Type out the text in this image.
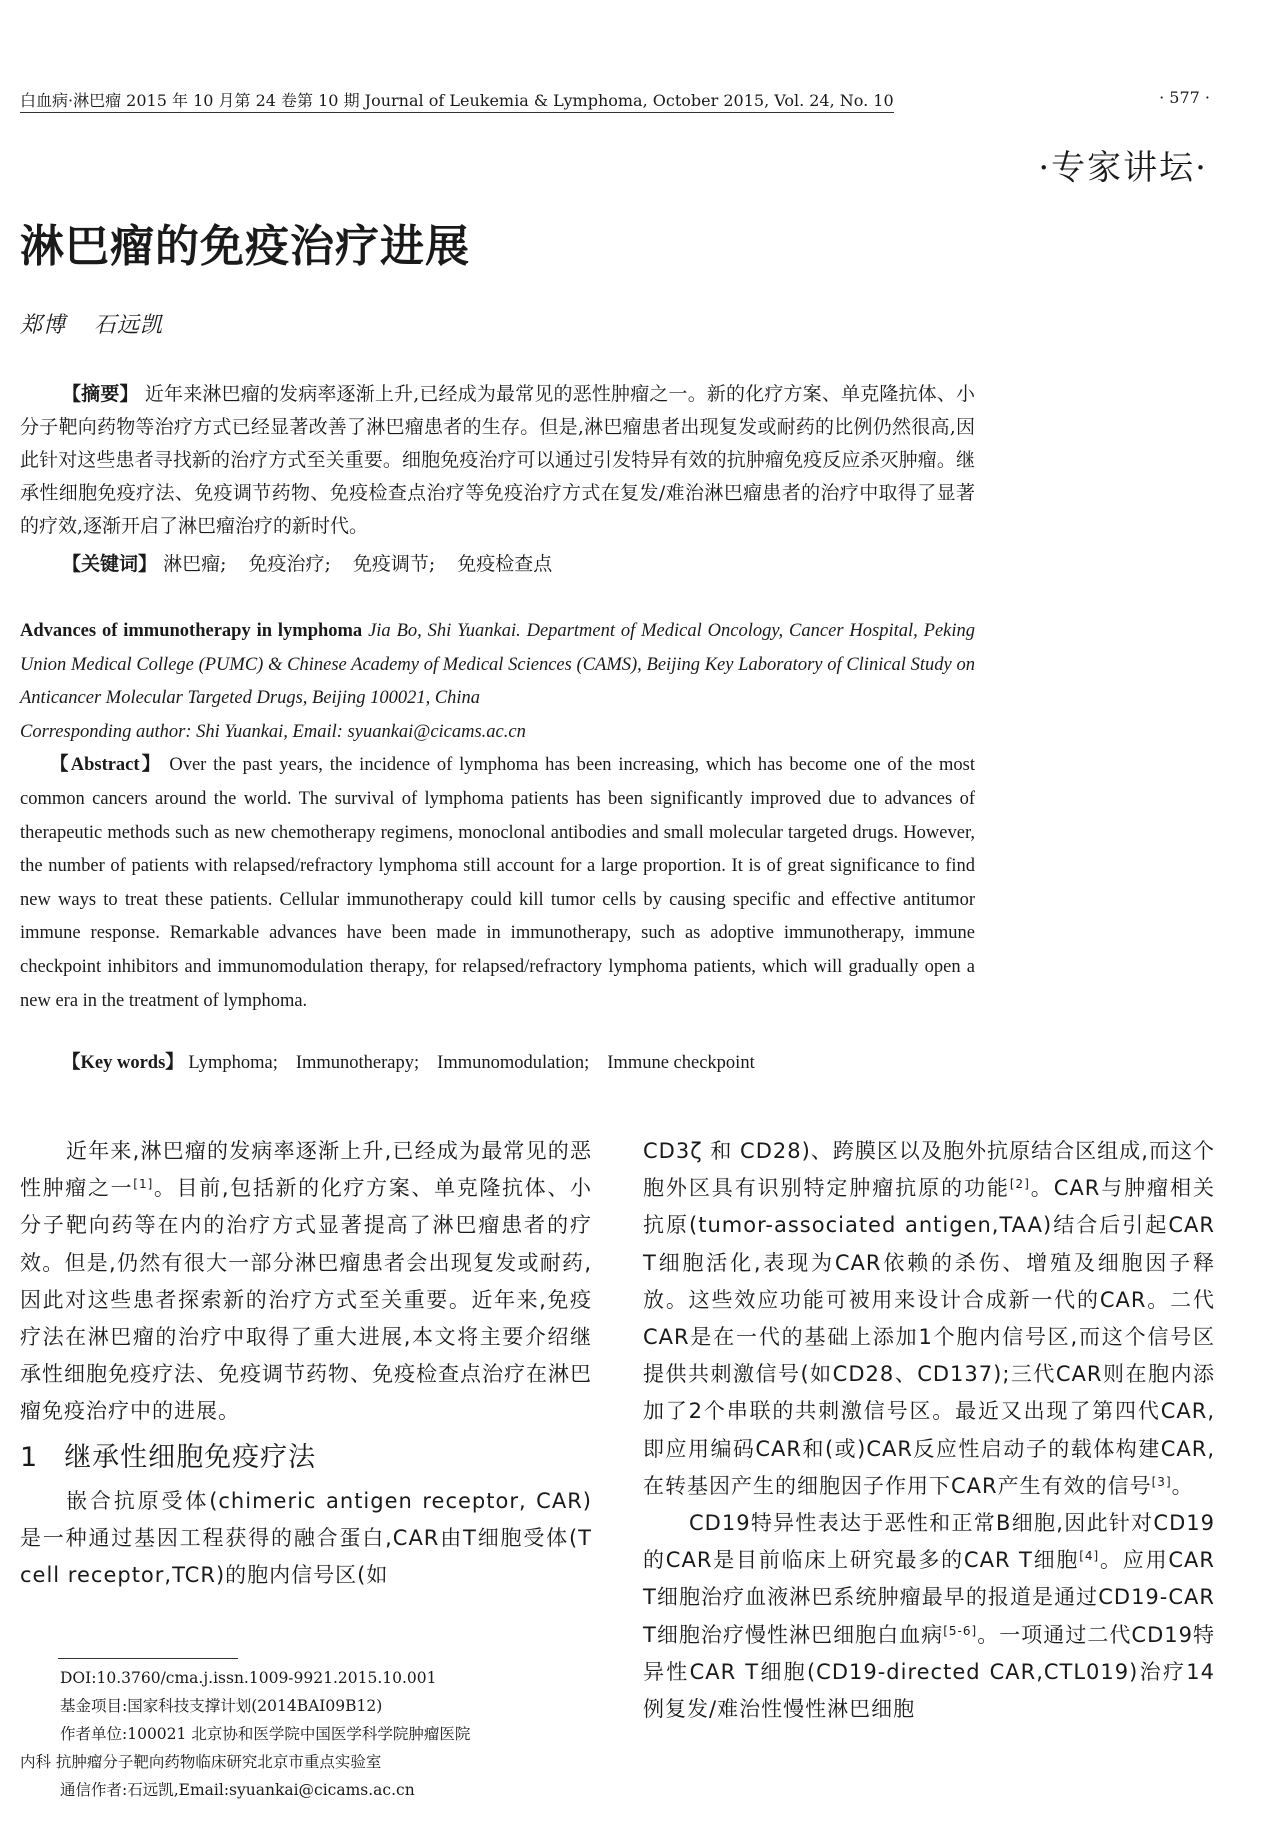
白血病·淋巴瘤 2015 年 10 月第 24 卷第 10 期 Journal of Leukemia & Lymphoma, October 2015, Vol. 24, No. 10	· 577 ·
·专家讲坛·
淋巴瘤的免疫治疗进展
郑博 石远凯
【摘要】 近年来淋巴瘤的发病率逐渐上升,已经成为最常见的恶性肿瘤之一。新的化疗方案、单克隆抗体、小分子靶向药物等治疗方式已经显著改善了淋巴瘤患者的生存。但是,淋巴瘤患者出现复发或耐药的比例仍然很高,因此针对这些患者寻找新的治疗方式至关重要。细胞免疫治疗可以通过引发特异有效的抗肿瘤免疫反应杀灭肿瘤。继承性细胞免疫疗法、免疫调节药物、免疫检查点治疗等免疫治疗方式在复发/难治淋巴瘤患者的治疗中取得了显著的疗效,逐渐开启了淋巴瘤治疗的新时代。
【关键词】 淋巴瘤; 免疫治疗; 免疫调节; 免疫检查点

Advances of immunotherapy in lymphoma Jia Bo, Shi Yuankai. Department of Medical Oncology, Cancer Hospital, Peking Union Medical College (PUMC) & Chinese Academy of Medical Sciences (CAMS), Beijing Key Laboratory of Clinical Study on Anticancer Molecular Targeted Drugs, Beijing 100021, China

Corresponding author: Shi Yuankai, Email: syuankai@cicams.ac.cn

【Abstract】 Over the past years, the incidence of lymphoma has been increasing, which has become one of the most common cancers around the world. The survival of lymphoma patients has been significantly improved due to advances of therapeutic methods such as new chemotherapy regimens, monoclonal antibodies and small molecular targeted drugs. However, the number of patients with relapsed/refractory lymphoma still account for a large proportion. It is of great significance to find new ways to treat these patients. Cellular immunotherapy could kill tumor cells by causing specific and effective antitumor immune response. Remarkable advances have been made in immunotherapy, such as adoptive immunotherapy, immune checkpoint inhibitors and immunomodulation therapy, for relapsed/refractory lymphoma patients, which will gradually open a new era in the treatment of lymphoma.

【Key words】 Lymphoma; Immunotherapy; Immunomodulation; Immune checkpoint

近年来,淋巴瘤的发病率逐渐上升,已经成为最常见的恶性肿瘤之一[1]。目前,包括新的化疗方案、单克隆抗体、小分子靶向药等在内的治疗方式显著提高了淋巴瘤患者的疗效。但是,仍然有很大一部分淋巴瘤患者会出现复发或耐药,因此对这些患者探索新的治疗方式至关重要。近年来,免疫疗法在淋巴瘤的治疗中取得了重大进展,本文将主要介绍继承性细胞免疫疗法、免疫调节药物、免疫检查点治疗在淋巴瘤免疫治疗中的进展。

1 继承性细胞免疫疗法

嵌合抗原受体(chimeric antigen receptor, CAR)是一种通过基因工程获得的融合蛋白,CAR由T细胞受体(T cell receptor,TCR)的胞内信号区(如

CD3ζ 和 CD28)、跨膜区以及胞外抗原结合区组成,而这个胞外区具有识别特定肿瘤抗原的功能[2]。CAR与肿瘤相关抗原(tumor-associated antigen,TAA)结合后引起CAR T细胞活化,表现为CAR依赖的杀伤、增殖及细胞因子释放。这些效应功能可被用来设计合成新一代的CAR。二代CAR是在一代的基础上添加1个胞内信号区,而这个信号区提供共刺激信号(如CD28、CD137);三代CAR则在胞内添加了2个串联的共刺激信号区。最近又出现了第四代CAR,即应用编码CAR和(或)CAR反应性启动子的载体构建CAR,在转基因产生的细胞因子作用下CAR产生有效的信号[3]。

CD19特异性表达于恶性和正常B细胞,因此针对CD19的CAR是目前临床上研究最多的CAR T细胞[4]。应用CAR T细胞治疗血液淋巴系统肿瘤最早的报道是通过CD19-CAR T细胞治疗慢性淋巴细胞白血病[5-6]。一项通过二代CD19特异性CAR T细胞(CD19-directed CAR,CTL019)治疗14例复发/难治性慢性淋巴细胞

DOI:10.3760/cma.j.issn.1009-9921.2015.10.001

基金项目:国家科技支撑计划(2014BAI09B12)

作者单位:100021 北京协和医学院中国医学科学院肿瘤医院

内科 抗肿瘤分子靶向药物临床研究北京市重点实验室

通信作者:石远凯,Email:syuankai@cicams.ac.cn
